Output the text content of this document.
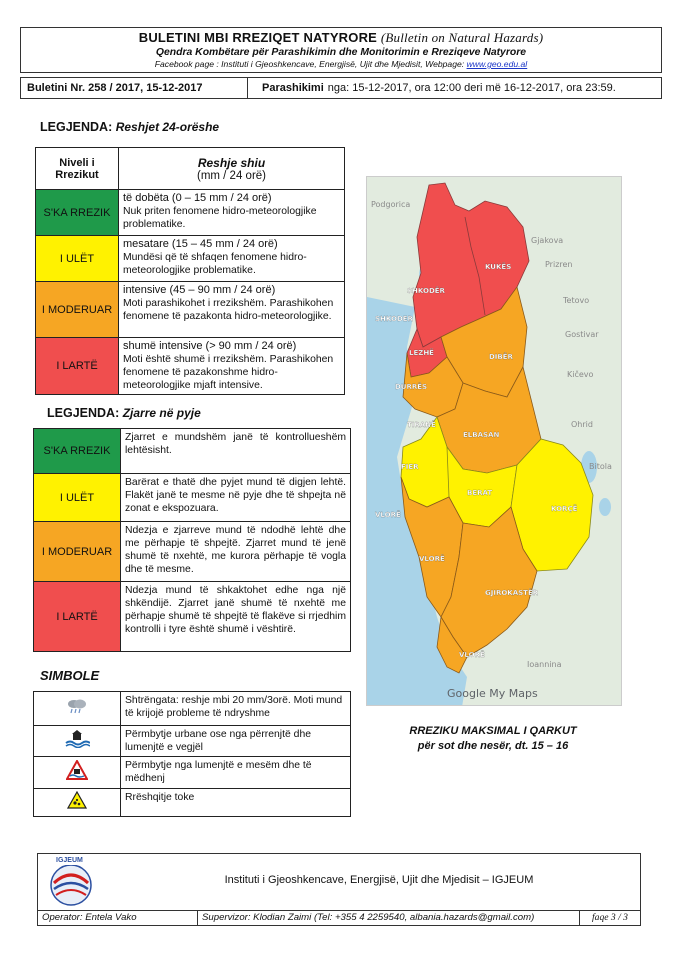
BULETINI MBI RREZIQET NATYRORE (Bulletin on Natural Hazards)
Qendra Kombëtare për Parashikimin dhe Monitorimin e Rreziqeve Natyrore
Facebook page : Instituti i Gjeoshkencave, Energjisë, Ujit dhe Mjedisit, Webpage: www.geo.edu.al
Buletini Nr. 258 / 2017, 15-12-2017	Parashikimi nga: 15-12-2017, ora 12:00 deri më 16-12-2017, ora 23:59.
LEGJENDA: Reshjet 24-orëshe
Niveli i Rrezikut	Reshje shiu
(mm / 24 orë)

S'KA RREZIK	të dobëta (0 – 15 mm / 24 orë)
Nuk priten fenomene hidro-meteorologjike problematike.

I ULËT	mesatare (15 – 45 mm / 24 orë)
Mundësi që të shfaqen fenomene hidro-meteorologjike problematike.

I MODERUAR	intensive (45 – 90 mm / 24 orë)
Moti parashikohet i rrezikshëm. Parashikohen fenomene të pazakonta hidro-meteorologjike.

I LARTË	shumë intensive (> 90 mm / 24 orë)
Moti është shumë i rrezikshëm. Parashikohen fenomene të pazakonshme hidro-meteorologjike mjaft intensive.
LEGJENDA: Zjarre në pyje
S'KA RREZIK	Zjarret e mundshëm janë të kontrollueshëm lehtësisht.
I ULËT	Barërat e thatë dhe pyjet mund të digjen lehtë. Flakët janë te mesme në pyje dhe të shpejta në zonat e ekspozuara.
I MODERUAR	Ndezja e zjarreve mund të ndodhë lehtë dhe me përhapje të shpejtë. Zjarret mund të jenë shumë të nxehtë, me kurora përhapje të vogla dhe të mesme.
I LARTË	Ndezja mund të shkaktohet edhe nga një shkëndijë. Zjarret janë shumë të nxehtë me përhapje shumë të shpejtë të flakëve si rrjedhim kontrolli i tyre është shumë i vështirë.
SIMBOLE
	Shtrëngata: reshje mbi 20 mm/3orë. Moti mund të krijojë probleme të ndryshme
	Përmbytje urbane ose nga përrenjtë dhe lumenjtë e vegjël
	Përmbytje nga lumenjtë e mesëm dhe të mëdhenj
	Rrëshqitje toke
Gjakova
Prizren
Tetovo
Gostivar
Kičevo
Ohrid
Bitola
Ioannina
Podgorica
SHKODËR
KUKËS
SHKODER
LEZHË	DIBËR
DURRËS
TIRANË
ELBASAN
FIER
BERAT
KORÇË
VLORË
VLORË
GJIROKASTËR
VLORË
Google My Maps
RREZIKU MAKSIMAL I QARKUT
për sot dhe nesër, dt. 15 – 16
IGJEUM
Instituti i Gjeoshkencave, Energjisë, Ujit dhe Mjedisit – IGJEUM
Operator: Entela Vako	Supervizor: Klodian Zaimi (Tel: +355 4 2259540, albania.hazards@gmail.com)	faqe 3 / 3
